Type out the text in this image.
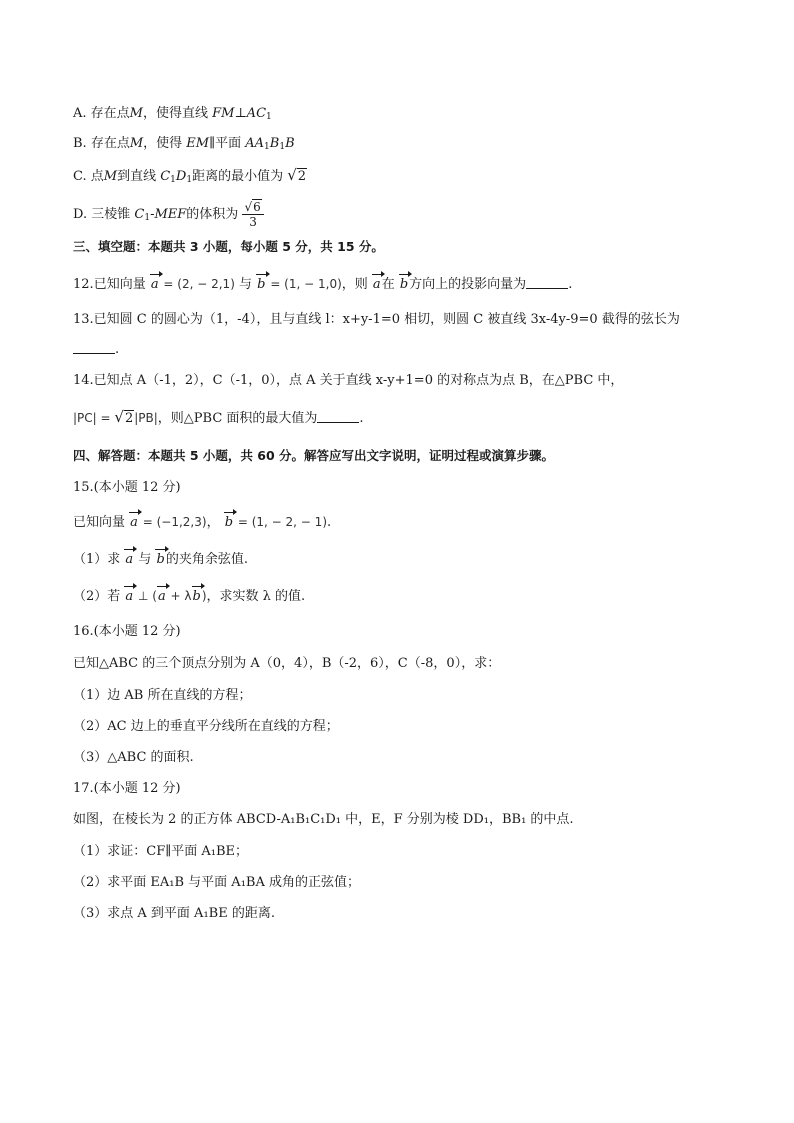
A. 存在点M，使得直线 $FM\perp AC_1$
B. 存在点M，使得 EM∥平面 $AA_1B_1B$
C. 点M到直线 $C_1D_1$距离的最小值为 √2
D. 三棱锥 $C_1$-MEF的体积为 $\frac{√6}{3}$
三、填空题：本题共 3 小题，每小题 5 分，共 15 分。
12.已知向量 a = (2, − 2,1) 与 b = (1, − 1,0)，则 a在 b方向上的投影向量为	.
13.已知圆 C 的圆心为（1，-4），且与直线 l：x+y-1=0 相切，则圆 C 被直线 3x-4y-9=0 截得的弦长为
.
14.已知点 A（-1，2），C（-1，0），点 A 关于直线 x-y+1=0 的对称点为点 B，在△PBC 中，
|PC| = √2|PB|，则△PBC 面积的最大值为	.
四、解答题：本题共 5 小题，共 60 分。解答应写出文字说明，证明过程或演算步骤。
15.(本小题 12 分)
已知向量 a = (−1,2,3)， b = (1, − 2, − 1).
（1）求 a 与 b的夹角余弦值.
（2）若 a ⊥ (a + λb)，求实数 λ 的值.
16.(本小题 12 分)
已知△ABC 的三个顶点分别为 A（0，4），B（-2，6），C（-8，0），求：
（1）边 AB 所在直线的方程；
（2）AC 边上的垂直平分线所在直线的方程；
（3）△ABC 的面积.
17.(本小题 12 分)
如图，在棱长为 2 的正方体 ABCD-A₁B₁C₁D₁ 中，E，F 分别为棱 DD₁，BB₁ 的中点.
（1）求证：CF∥平面 A₁BE；
（2）求平面 EA₁B 与平面 A₁BA 成角的正弦值；
（3）求点 A 到平面 A₁BE 的距离.
